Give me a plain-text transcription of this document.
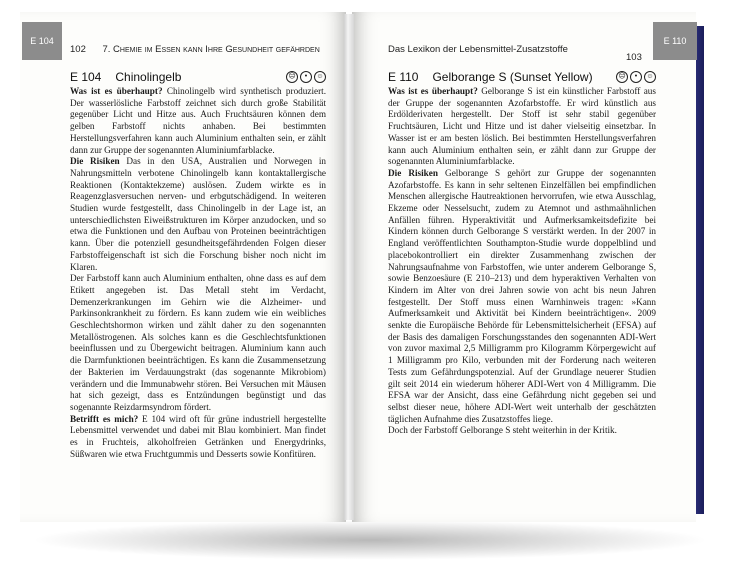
E 104	E 110
102 7. Chemie im Essen kann Ihre Gesundheit gefährden	Das Lexikon der Lebensmittel-Zusatzstoffe
103
E 104 Chinolingelb	☹	•	☺	E 110 Gelborange S (Sunset Yellow)	☹	•	☺

Was ist es überhaupt? Chinolingelb wird synthetisch produziert. Der wasserlösliche Farbstoff zeichnet sich durch große Stabilität gegenüber Licht und Hitze aus. Auch Fruchtsäuren können dem gelben Farbstoff nichts anhaben. Bei bestimmten Herstellungsverfahren kann auch Aluminium enthalten sein, er zählt dann zur Gruppe der sogenannten Aluminiumfarblacke.

Die Risiken Das in den USA, Australien und Norwegen in Nahrungsmitteln verbotene Chinolingelb kann kontaktallergische Reaktionen (Kontaktekzeme) auslösen. Zudem wirkte es in Reagenzglasversuchen nerven- und erbgutschädigend. In weiteren Studien wurde festgestellt, dass Chinolingelb in der Lage ist, an unterschiedlichsten Eiweißstrukturen im Körper anzudocken, und so etwa die Funktionen und den Aufbau von Proteinen beeinträchtigen kann. Über die potenziell gesundheitsgefährdenden Folgen dieser Farbstoffeigenschaft ist sich die Forschung bisher noch nicht im Klaren.

Der Farbstoff kann auch Aluminium enthalten, ohne dass es auf dem Etikett angegeben ist. Das Metall steht im Verdacht, Demenzerkrankungen im Gehirn wie die Alzheimer- und Parkinsonkrankheit zu fördern. Es kann zudem wie ein weibliches Geschlechtshormon wirken und zählt daher zu den sogenannten Metallöstrogenen. Als solches kann es die Geschlechtsfunktionen beeinflussen und zu Übergewicht beitragen. Aluminium kann auch die Darmfunktionen beeinträchtigen. Es kann die Zusammensetzung der Bakterien im Verdauungstrakt (das sogenannte Mikrobiom) verändern und die Immunabwehr stören. Bei Versuchen mit Mäusen hat sich gezeigt, dass es Entzündungen begünstigt und das sogenannte Reizdarmsyndrom fördert.

Betrifft es mich? E 104 wird oft für grüne industriell hergestellte Lebensmittel verwendet und dabei mit Blau kombiniert. Man findet es in Fruchteis, alkoholfreien Getränken und Energydrinks, Süßwaren wie etwa Fruchtgummis und Desserts sowie Konfitüren.

Was ist es überhaupt? Gelborange S ist ein künstlicher Farbstoff aus der Gruppe der sogenannten Azofarbstoffe. Er wird künstlich aus Erdölderivaten hergestellt. Der Stoff ist sehr stabil gegenüber Fruchtsäuren, Licht und Hitze und ist daher vielseitig einsetzbar. In Wasser ist er am besten löslich. Bei bestimmten Herstellungsverfahren kann auch Aluminium enthalten sein, er zählt dann zur Gruppe der sogenannten Aluminiumfarblacke.

Die Risiken Gelborange S gehört zur Gruppe der sogenannten Azofarbstoffe. Es kann in sehr seltenen Einzelfällen bei empfindlichen Menschen allergische Hautreaktionen hervorrufen, wie etwa Ausschlag, Ekzeme oder Nesselsucht, zudem zu Atemnot und asthmaähnlichen Anfällen führen. Hyperaktivität und Aufmerksamkeitsdefizite bei Kindern können durch Gelborange S verstärkt werden. In der 2007 in England veröffentlichten Southampton-Studie wurde doppelblind und placebokontrolliert ein direkter Zusammenhang zwischen der Nahrungsaufnahme von Farbstoffen, wie unter anderem Gelborange S, sowie Benzoesäure (E 210–213) und dem hyperaktiven Verhalten von Kindern im Alter von drei Jahren sowie von acht bis neun Jahren festgestellt. Der Stoff muss einen Warnhinweis tragen: »Kann Aufmerksamkeit und Aktivität bei Kindern beeinträchtigen«. 2009 senkte die Europäische Behörde für Lebensmittelsicherheit (EFSA) auf der Basis des damaligen Forschungsstandes den sogenannten ADI-Wert von zuvor maximal 2,5 Milligramm pro Kilogramm Körpergewicht auf 1 Milligramm pro Kilo, verbunden mit der Forderung nach weiteren Tests zum Gefährdungspotenzial. Auf der Grundlage neuerer Studien gilt seit 2014 ein wiederum höherer ADI-Wert von 4 Milligramm. Die EFSA war der Ansicht, dass eine Gefährdung nicht gegeben sei und selbst dieser neue, höhere ADI-Wert weit unterhalb der geschätzten täglichen Aufnahme dies Zusatzstoffes liege.

Doch der Farbstoff Gelborange S steht weiterhin in der Kritik.
